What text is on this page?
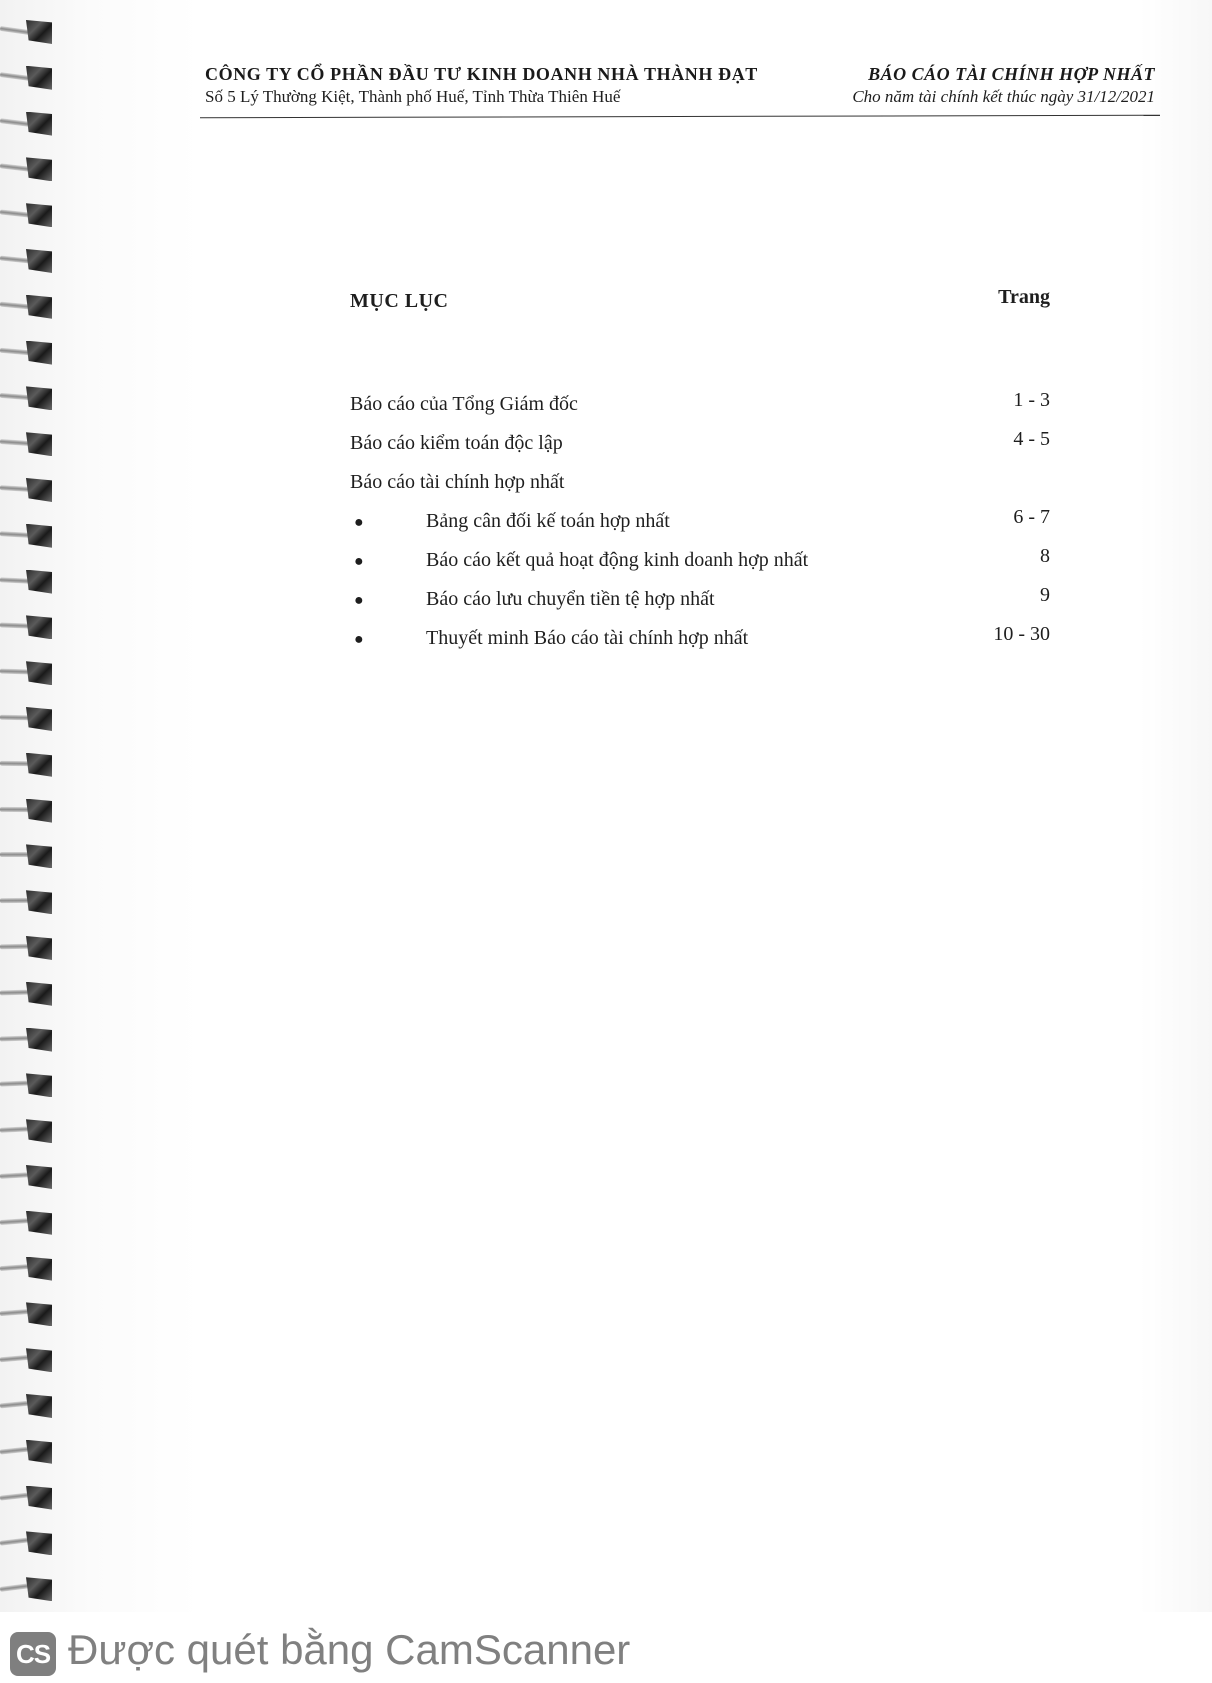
CÔNG TY CỔ PHẦN ĐẦU TƯ KINH DOANH NHÀ THÀNH ĐẠT	BÁO CÁO TÀI CHÍNH HỢP NHẤT
Số 5 Lý Thường Kiệt, Thành phố Huế, Tỉnh Thừa Thiên Huế	Cho năm tài chính kết thúc ngày 31/12/2021
MỤC LỤC	Trang
Báo cáo của Tổng Giám đốc	1 - 3
Báo cáo kiểm toán độc lập	4 - 5
Báo cáo tài chính hợp nhất
●	Bảng cân đối kế toán hợp nhất	6 - 7
●	Báo cáo kết quả hoạt động kinh doanh hợp nhất	8
●	Báo cáo lưu chuyển tiền tệ hợp nhất	9
●	Thuyết minh Báo cáo tài chính hợp nhất	10 - 30
CS Được quét bằng CamScanner
